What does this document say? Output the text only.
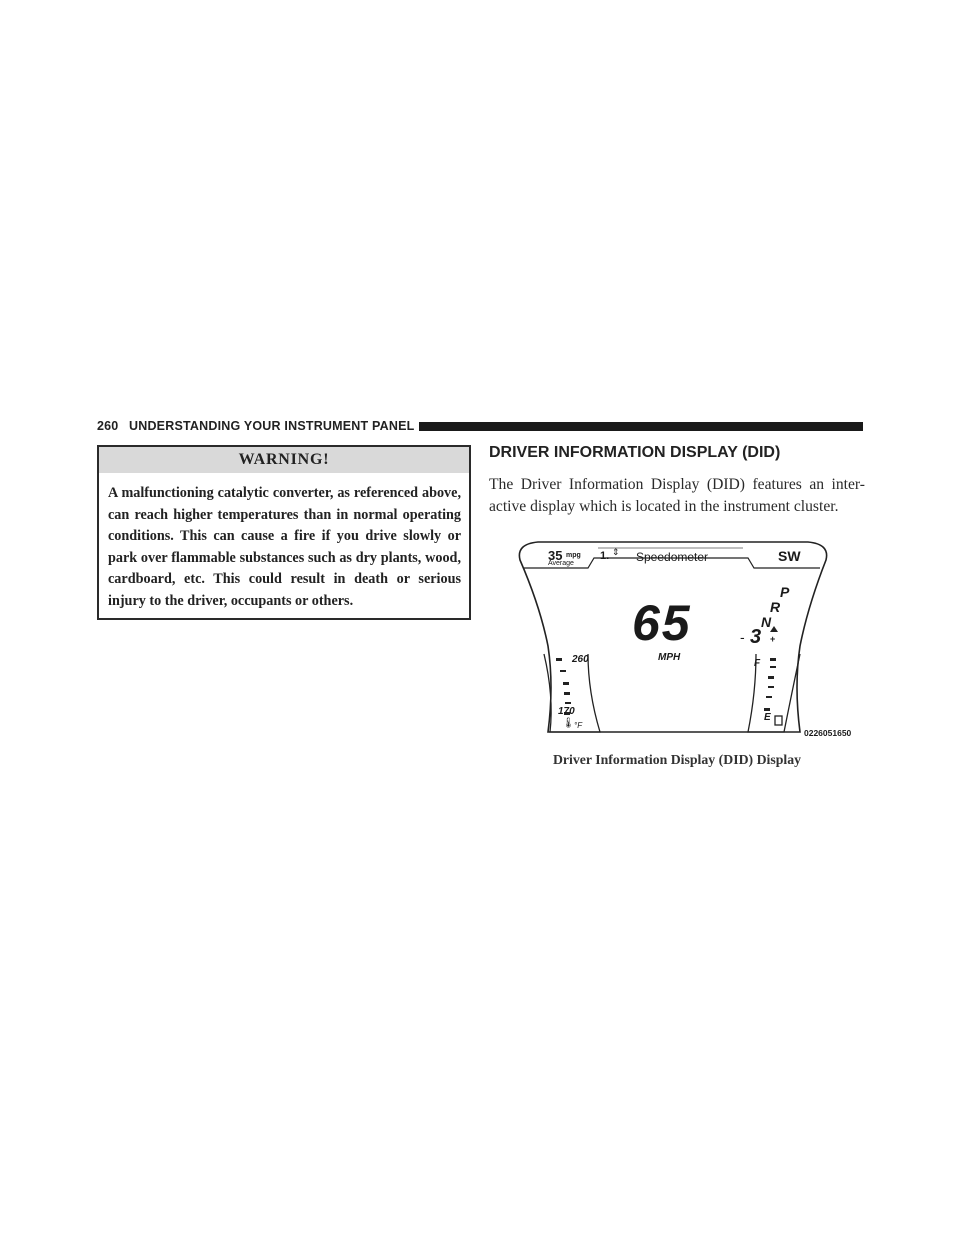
260 UNDERSTANDING YOUR INSTRUMENT PANEL
WARNING!
A malfunctioning catalytic converter, as referenced above, can reach higher temperatures than in normal operating conditions. This can cause a fire if you drive slowly or park over flammable substances such as dry plants, wood, cardboard, etc. This could result in death or serious injury to the driver, occupants or others.
DRIVER INFORMATION DISPLAY (DID)
The Driver Information Display (DID) features an inter-active display which is located in the instrument cluster.
35 mpg
Average
1. ⇕ Speedometer	SW
65
MPH
P
R
N
- 3 +
260
170
🌡 °F
F
E
0226051650
Driver Information Display (DID) Display
